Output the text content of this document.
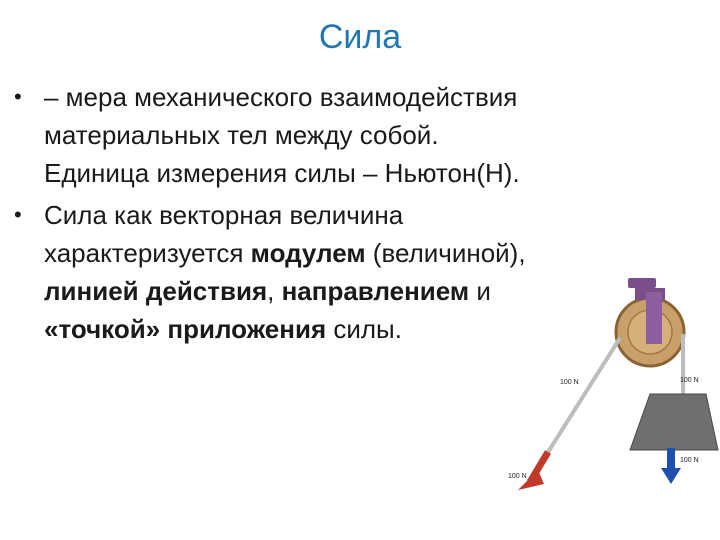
Сила
• – мера механического взаимодействия материальных тел между собой. Единица измерения силы – Ньютон(Н).
• Сила как векторная величина характеризуется модулем (величиной), линией действия, направлением и «точкой» приложения силы.
100 N	100 N
100 N
100 N
